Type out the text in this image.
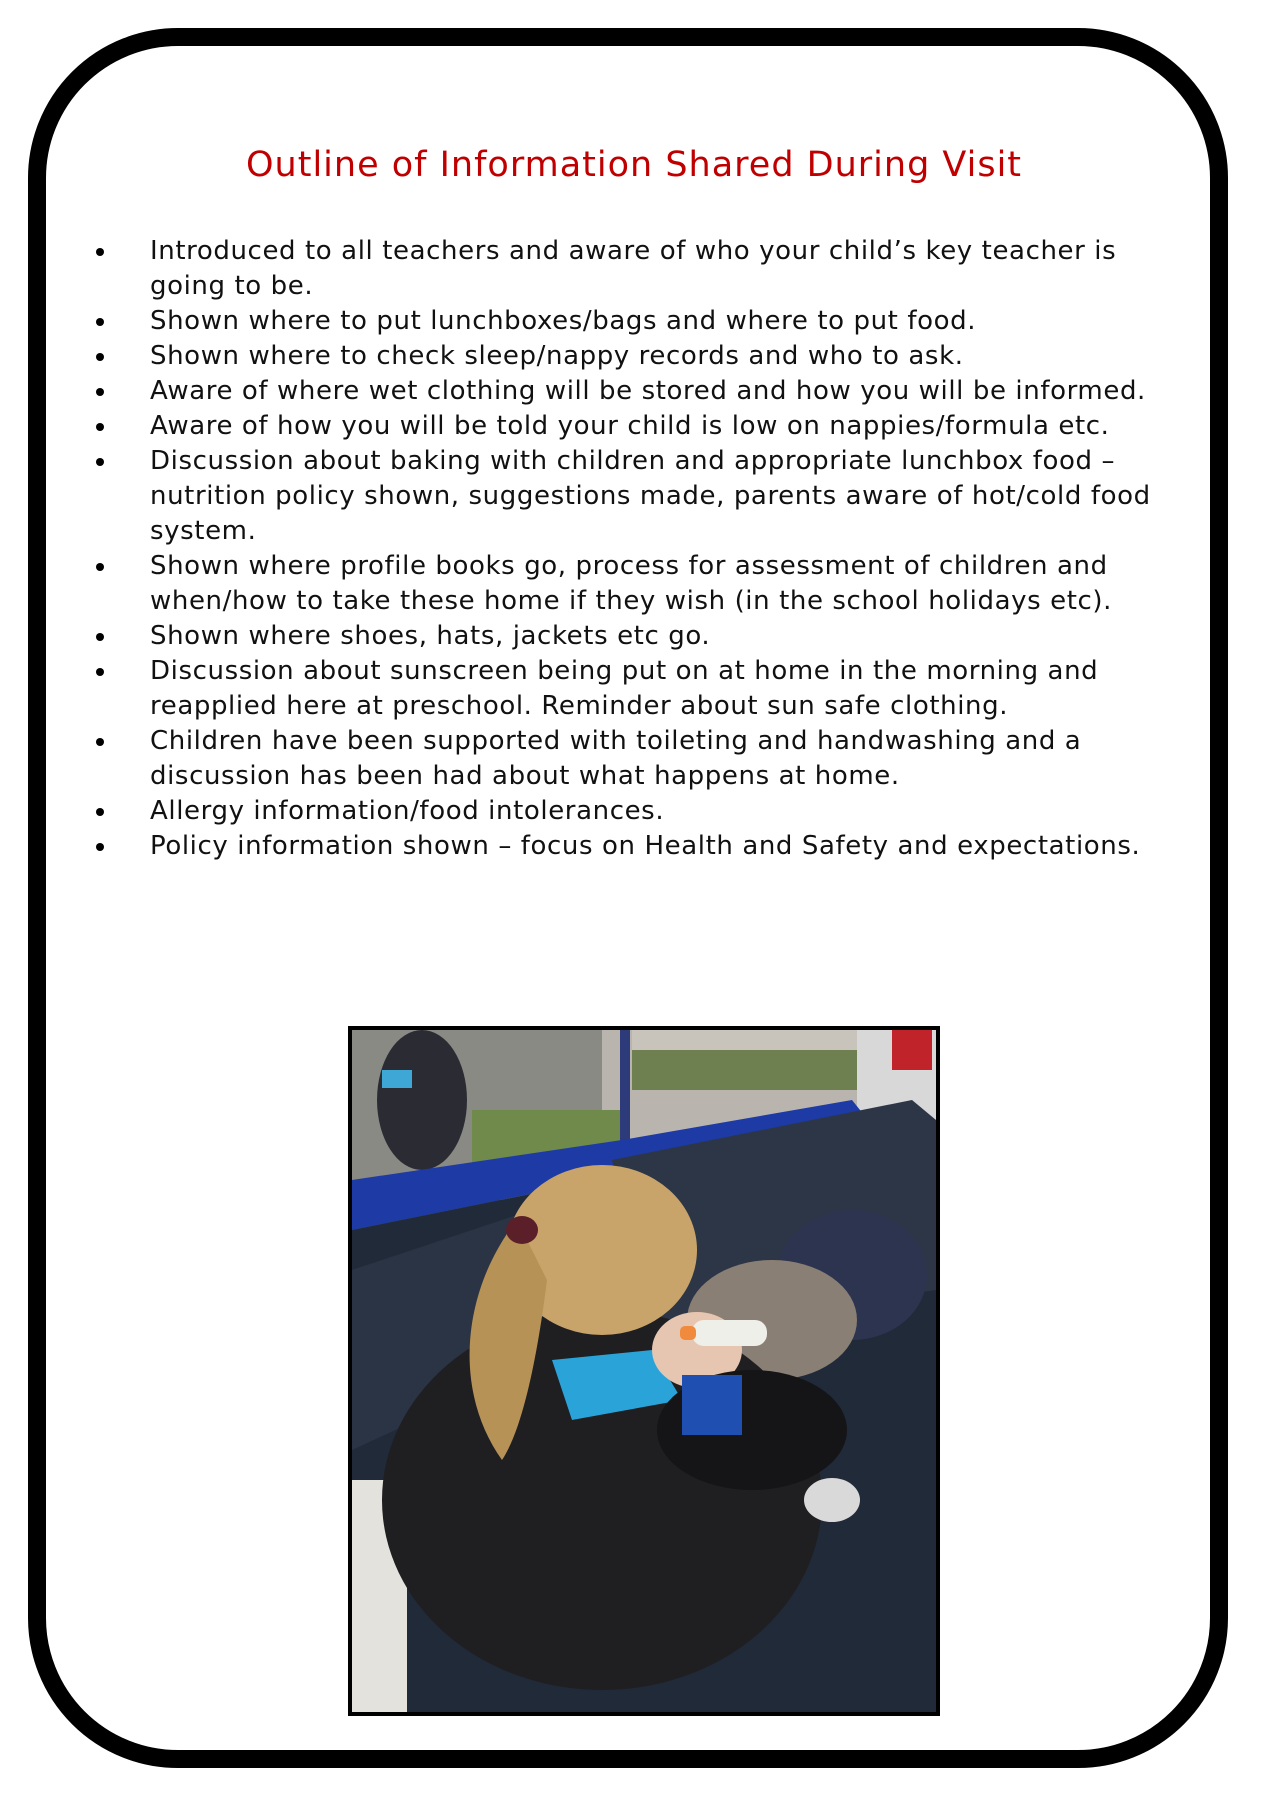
Outline of Information Shared During Visit
Introduced to all teachers and aware of who your child’s key teacher is going to be.
Shown where to put lunchboxes/bags and where to put food.
Shown where to check sleep/nappy records and who to ask.
Aware of where wet clothing will be stored and how you will be informed.
Aware of how you will be told your child is low on nappies/formula etc.
Discussion about baking with children and appropriate lunchbox food – nutrition policy shown, suggestions made, parents aware of hot/cold food system.
Shown where profile books go, process for assessment of children and when/how to take these home if they wish (in the school holidays etc).
Shown where shoes, hats, jackets etc go.
Discussion about sunscreen being put on at home in the morning and reapplied here at preschool. Reminder about sun safe clothing.
Children have been supported with toileting and handwashing and a discussion has been had about what happens at home.
Allergy information/food intolerances.
Policy information shown – focus on Health and Safety and expectations.
